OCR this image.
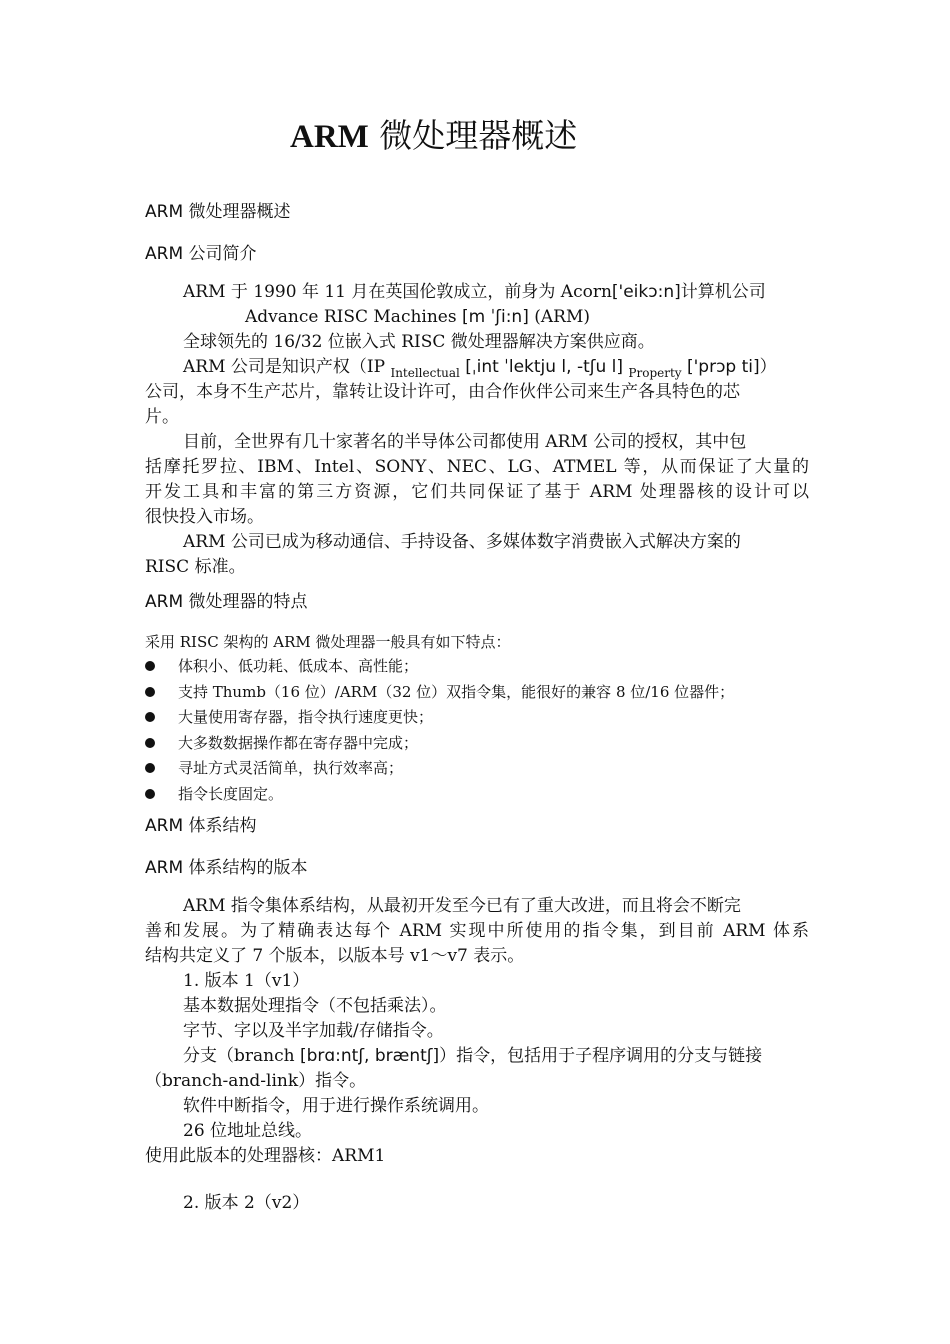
ARM 微处理器概述
ARM 微处理器概述
ARM 公司简介

ARM 于 1990 年 11 月在英国伦敦成立，前身为 Acorn['eikɔ:n]计算机公司

Advance RISC Machines [m ˈʃi:n] (ARM)

全球领先的 16/32 位嵌入式 RISC 微处理器解决方案供应商。

ARM 公司是知识产权（IP $_{Intellectual}$ [ˌint ˈlektju l, -tʃu l] $_{Property}$ ['prɔp ti]）

公司，本身不生产芯片，靠转让设计许可，由合作伙伴公司来生产各具特色的芯

片。

目前，全世界有几十家著名的半导体公司都使用 ARM 公司的授权，其中包

括摩托罗拉、IBM、Intel、SONY、NEC、LG、ATMEL 等，从而保证了大量的

开发工具和丰富的第三方资源，它们共同保证了基于 ARM 处理器核的设计可以

很快投入市场。

ARM 公司已成为移动通信、手持设备、多媒体数字消费嵌入式解决方案的

RISC 标准。

ARM 微处理器的特点

采用 RISC 架构的 ARM 微处理器一般具有如下特点：

体积小、低功耗、低成本、高性能；
支持 Thumb（16 位）/ARM（32 位）双指令集，能很好的兼容 8 位/16 位器件；
大量使用寄存器，指令执行速度更快；
大多数数据操作都在寄存器中完成；
寻址方式灵活简单，执行效率高；
指令长度固定。
ARM 体系结构
ARM 体系结构的版本

ARM 指令集体系结构，从最初开发至今已有了重大改进，而且将会不断完

善和发展。为了精确表达每个 ARM 实现中所使用的指令集，到目前 ARM 体系

结构共定义了 7 个版本，以版本号 v1～v7 表示。

1. 版本 1（v1）

基本数据处理指令（不包括乘法）。

字节、字以及半字加载/存储指令。

分支（branch [brɑ:ntʃ, bræntʃ]）指令，包括用于子程序调用的分支与链接

（branch-and-link）指令。

软件中断指令，用于进行操作系统调用。

26 位地址总线。

使用此版本的处理器核：ARM1

2. 版本 2（v2）
